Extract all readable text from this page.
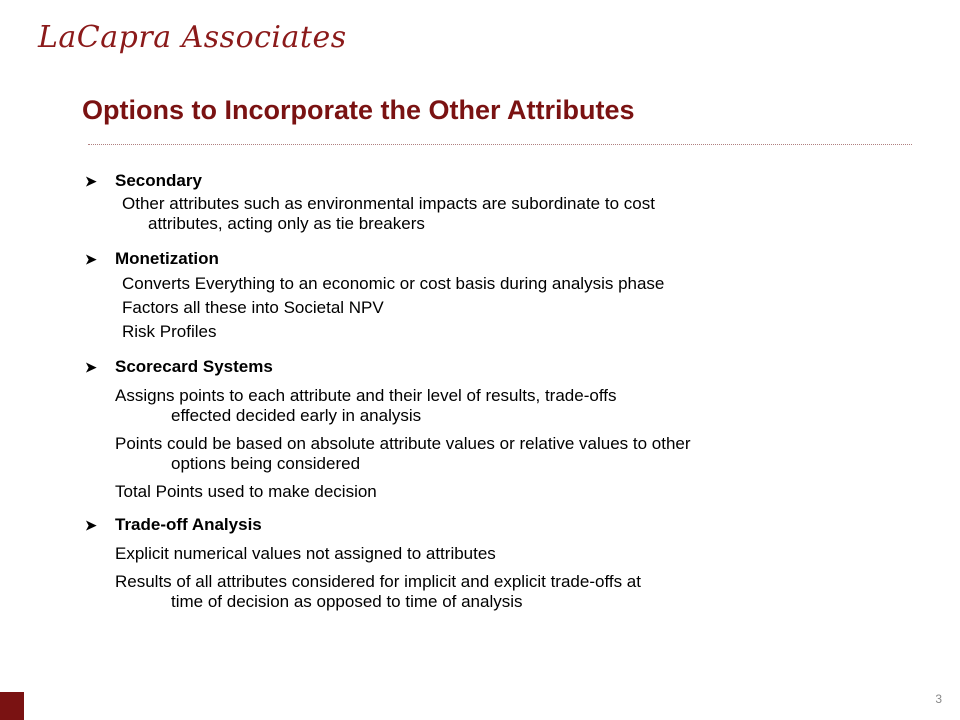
LaCapra Associates
Options to Incorporate the Other Attributes
➤	Secondary
Other attributes such as environmental impacts are subordinate to cost
attributes, acting only as tie breakers
➤	Monetization
Converts Everything to an economic or cost basis during analysis phase
Factors all these into Societal NPV
Risk Profiles
➤	Scorecard Systems
Assigns points to each attribute and their level of results, trade-offs
effected decided early in analysis
Points could be based on absolute attribute values or relative values to other
options being considered
Total Points used to make decision
➤	Trade-off Analysis
Explicit numerical values not assigned to attributes
Results of all attributes considered for implicit and explicit trade-offs at
time of decision as opposed to time of analysis
3
